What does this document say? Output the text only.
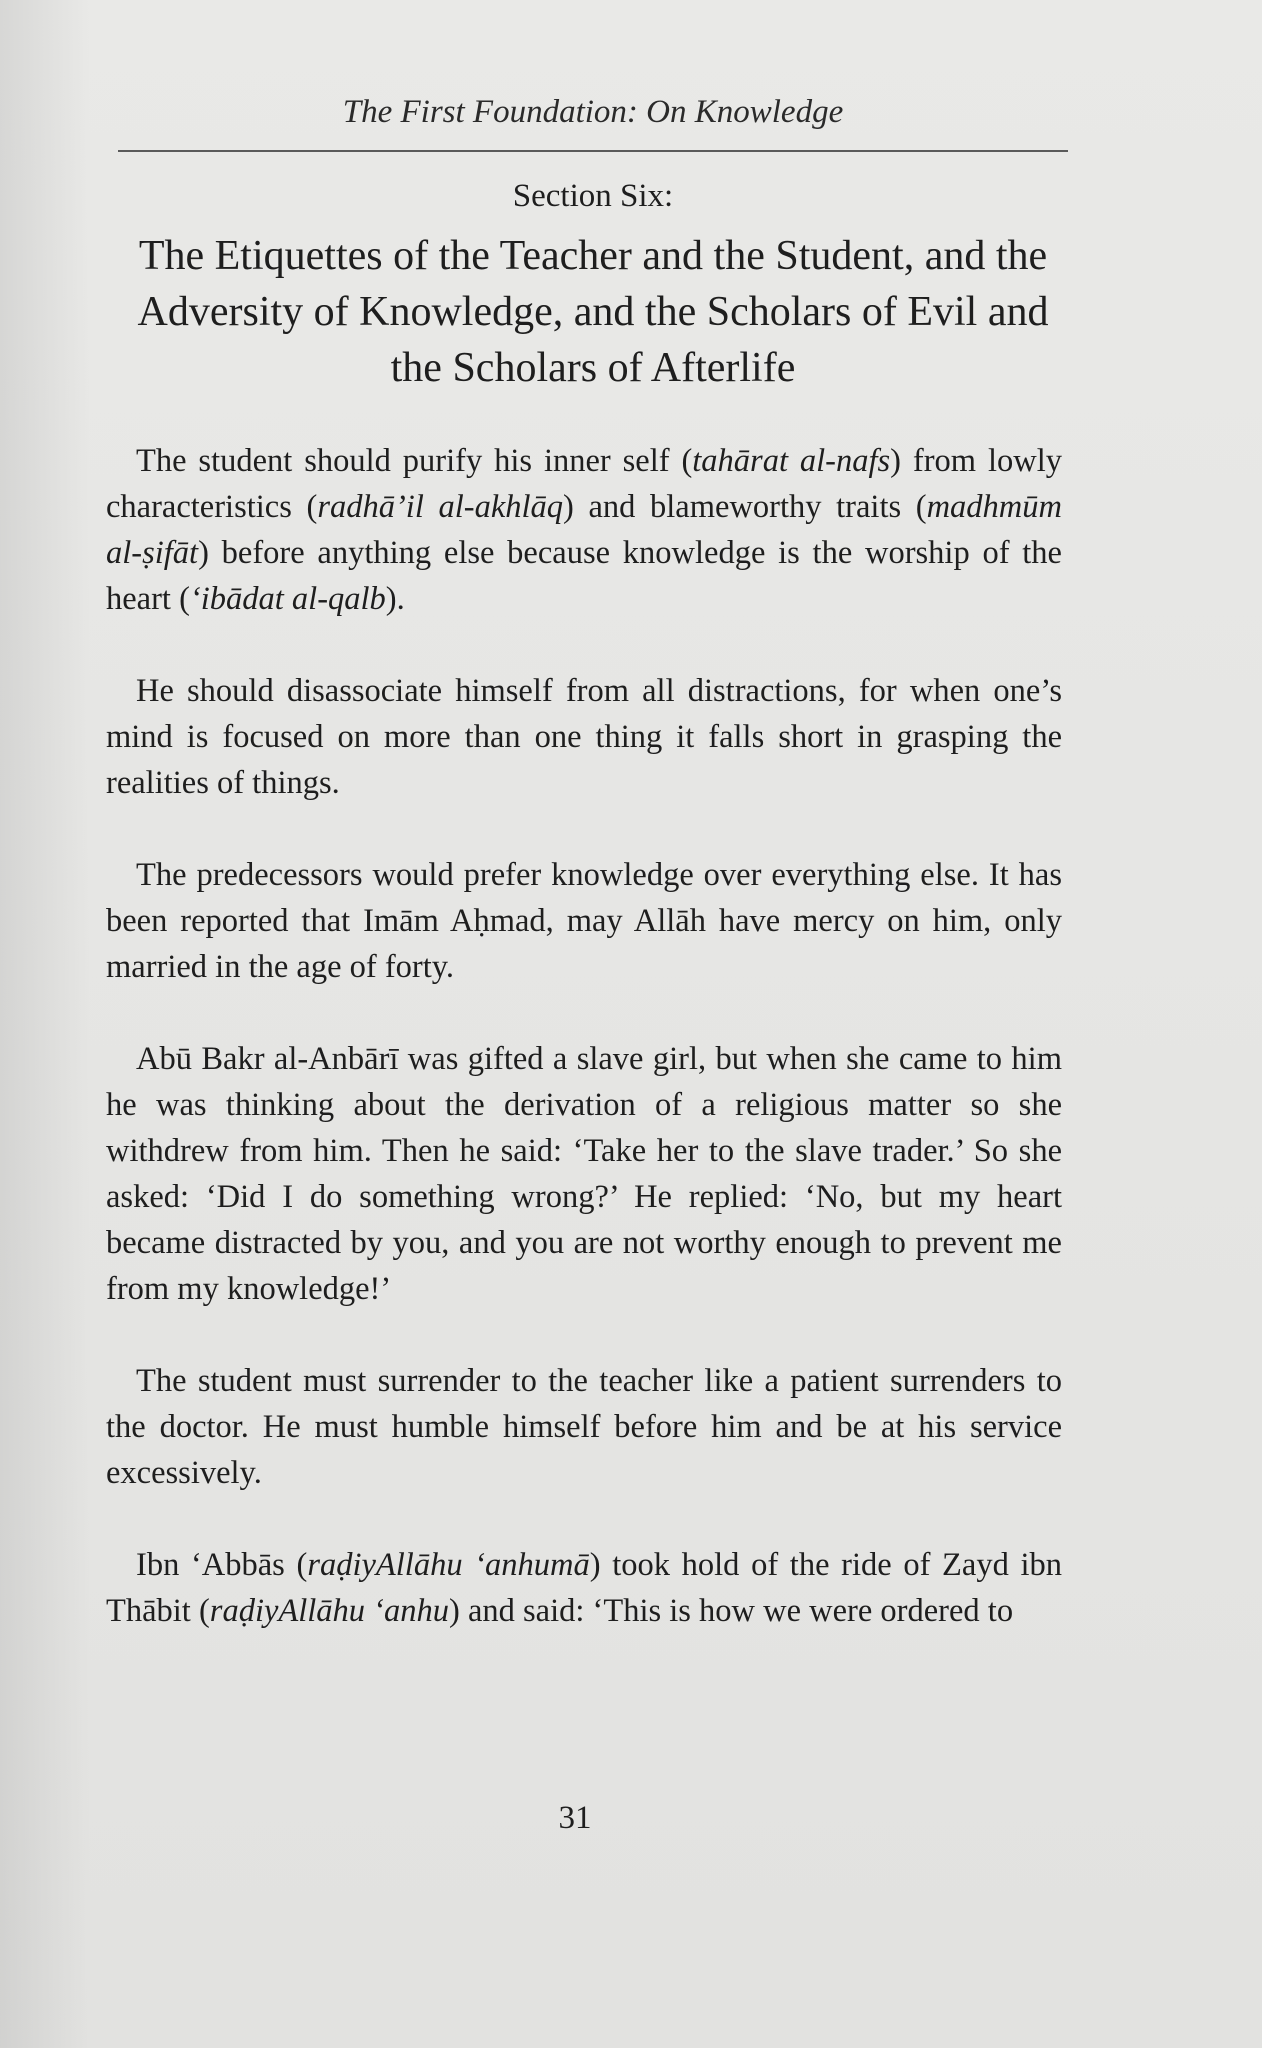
The First Foundation: On Knowledge
Section Six:
The Etiquettes of the Teacher and the Student, and the Adversity of Knowledge, and the Scholars of Evil and the Scholars of Afterlife

The student should purify his inner self (tahārat al-nafs) from lowly characteristics (radhā’il al-akhlāq) and blameworthy traits (madhmūm al-ṣifāt) before anything else because knowledge is the worship of the heart (‘ibādat al-qalb).

He should disassociate himself from all distractions, for when one’s mind is focused on more than one thing it falls short in grasping the realities of things.

The predecessors would prefer knowledge over everything else. It has been reported that Imām Aḥmad, may Allāh have mercy on him, only married in the age of forty.

Abū Bakr al-Anbārī was gifted a slave girl, but when she came to him he was thinking about the derivation of a religious matter so she withdrew from him. Then he said: ‘Take her to the slave trader.’ So she asked: ‘Did I do something wrong?’ He replied: ‘No, but my heart became distracted by you, and you are not worthy enough to prevent me from my knowledge!’

The student must surrender to the teacher like a patient surrenders to the doctor. He must humble himself before him and be at his service excessively.

Ibn ‘Abbās (raḍiyAllāhu ‘anhumā) took hold of the ride of Zayd ibn Thābit (raḍiyAllāhu ‘anhu) and said: ‘This is how we were ordered to

31
